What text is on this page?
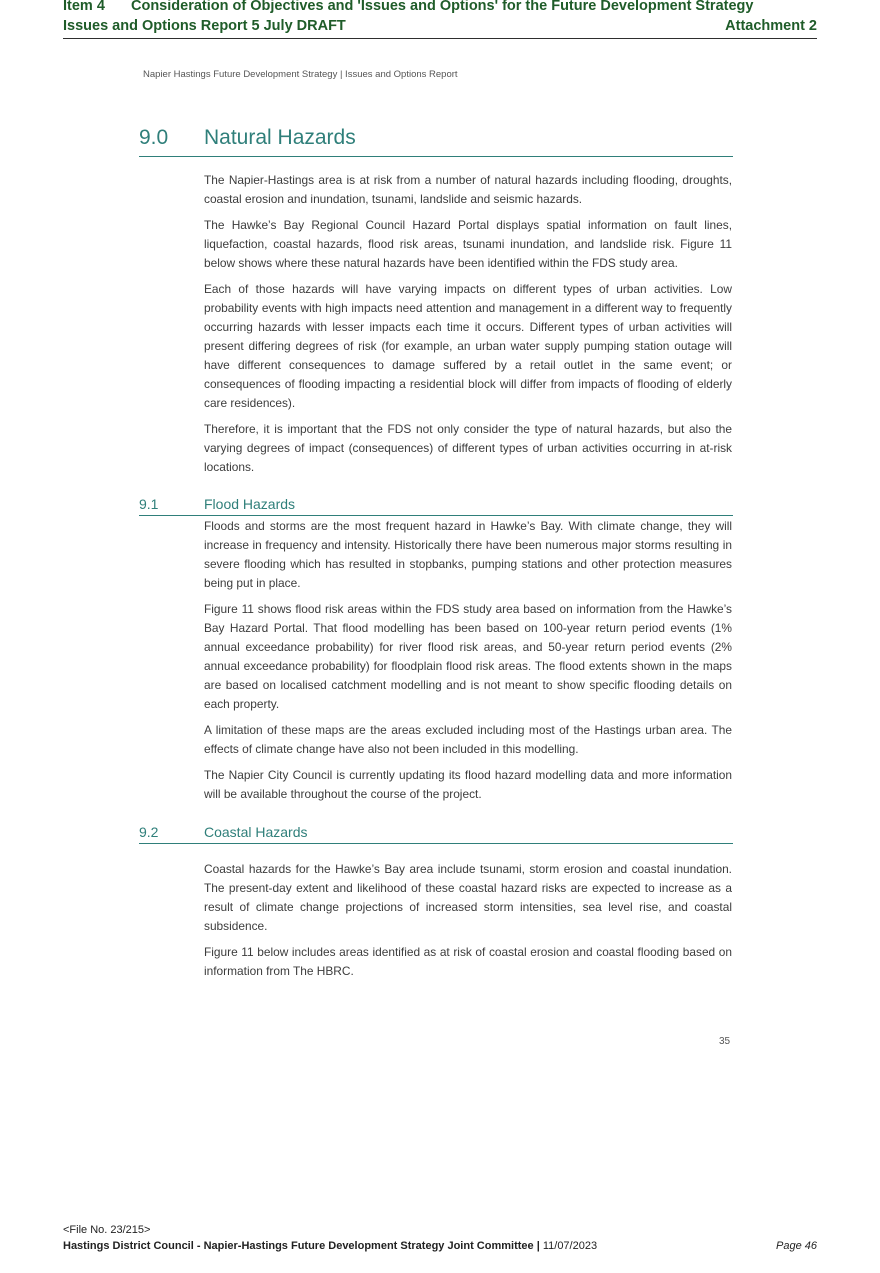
Item 4 Consideration of Objectives and 'Issues and Options' for the Future Development Strategy
Issues and Options Report 5 July DRAFT	Attachment 2
Napier Hastings Future Development Strategy | Issues and Options Report
9.0 Natural Hazards

The Napier-Hastings area is at risk from a number of natural hazards including flooding, droughts, coastal erosion and inundation, tsunami, landslide and seismic hazards.

The Hawke’s Bay Regional Council Hazard Portal displays spatial information on fault lines, liquefaction, coastal hazards, flood risk areas, tsunami inundation, and landslide risk. Figure 11 below shows where these natural hazards have been identified within the FDS study area.

Each of those hazards will have varying impacts on different types of urban activities. Low probability events with high impacts need attention and management in a different way to frequently occurring hazards with lesser impacts each time it occurs. Different types of urban activities will present differing degrees of risk (for example, an urban water supply pumping station outage will have different consequences to damage suffered by a retail outlet in the same event; or consequences of flooding impacting a residential block will differ from impacts of flooding of elderly care residences).

Therefore, it is important that the FDS not only consider the type of natural hazards, but also the varying degrees of impact (consequences) of different types of urban activities occurring in at-risk locations.

9.1	Flood Hazards

Floods and storms are the most frequent hazard in Hawke’s Bay. With climate change, they will increase in frequency and intensity. Historically there have been numerous major storms resulting in severe flooding which has resulted in stopbanks, pumping stations and other protection measures being put in place.

Figure 11 shows flood risk areas within the FDS study area based on information from the Hawke’s Bay Hazard Portal. That flood modelling has been based on 100-year return period events (1% annual exceedance probability) for river flood risk areas, and 50-year return period events (2% annual exceedance probability) for floodplain flood risk areas. The flood extents shown in the maps are based on localised catchment modelling and is not meant to show specific flooding details on each property.

A limitation of these maps are the areas excluded including most of the Hastings urban area. The effects of climate change have also not been included in this modelling.

The Napier City Council is currently updating its flood hazard modelling data and more information will be available throughout the course of the project.

9.2	Coastal Hazards

Coastal hazards for the Hawke’s Bay area include tsunami, storm erosion and coastal inundation. The present-day extent and likelihood of these coastal hazard risks are expected to increase as a result of climate change projections of increased storm intensities, sea level rise, and coastal subsidence.

Figure 11 below includes areas identified as at risk of coastal erosion and coastal flooding based on information from The HBRC.

35
<File No. 23/215>
Hastings District Council - Napier-Hastings Future Development Strategy Joint Committee | 11/07/2023	Page 46
